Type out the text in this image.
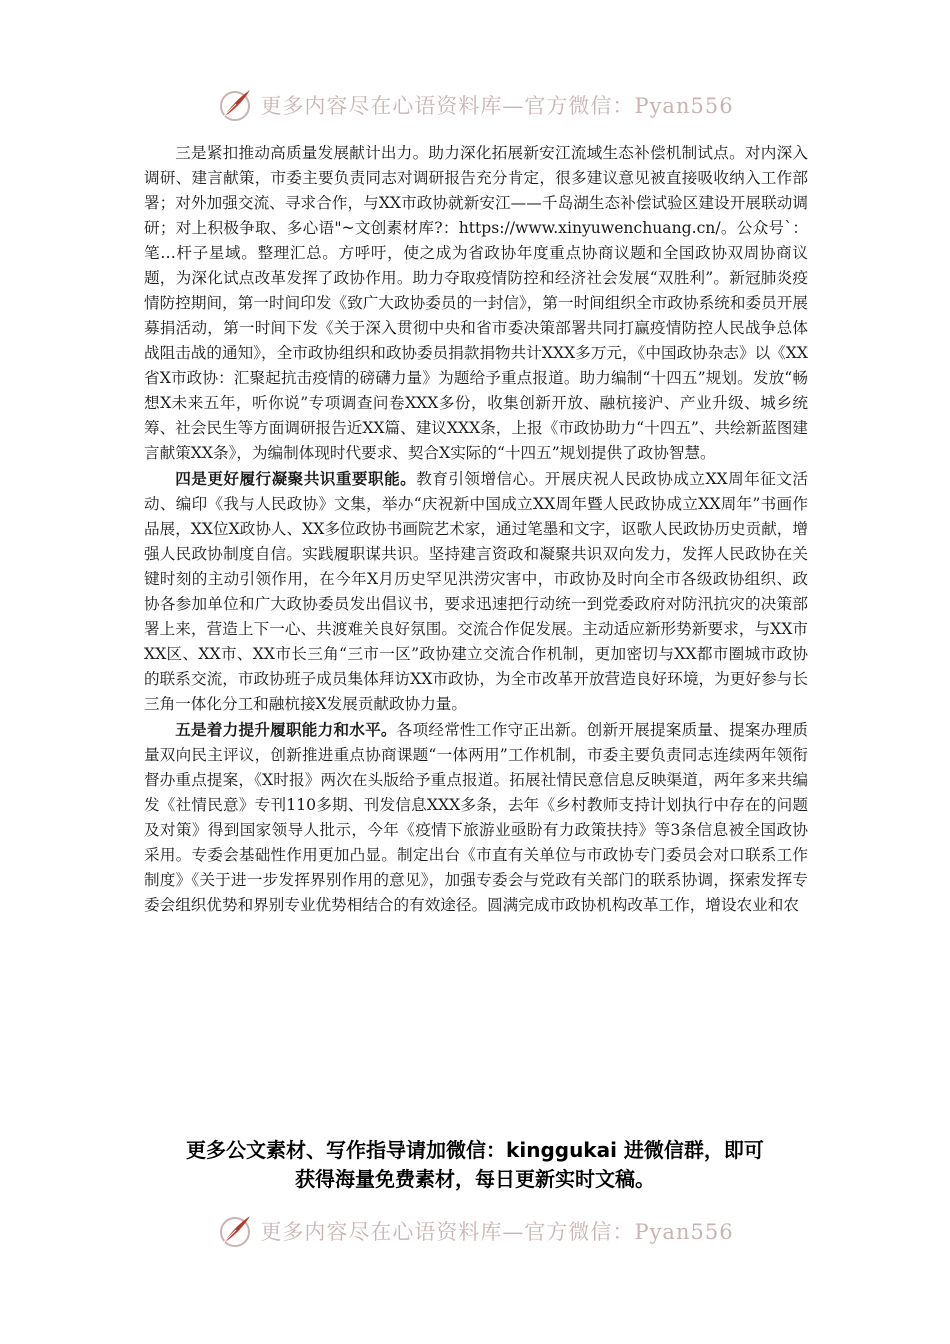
更多内容尽在心语资料库—官方微信：Pyan556

三是紧扣推动高质量发展献计出力。助力深化拓展新安江流域生态补偿机制试点。对内深入调研、建言献策，市委主要负责同志对调研报告充分肯定，很多建议意见被直接吸收纳入工作部署；对外加强交流、寻求合作，与XX市政协就新安江——千岛湖生态补偿试验区建设开展联动调研；对上积极争取、多心语"~文创素材库?：https://www.xinyuwenchuang.cn/。公众号`：笔…杆子星域。整理汇总。方呼吁，使之成为省政协年度重点协商议题和全国政协双周协商议题，为深化试点改革发挥了政协作用。助力夺取疫情防控和经济社会发展“双胜利”。新冠肺炎疫情防控期间，第一时间印发《致广大政协委员的一封信》，第一时间组织全市政协系统和委员开展募捐活动，第一时间下发《关于深入贯彻中央和省市委决策部署共同打赢疫情防控人民战争总体战阻击战的通知》，全市政协组织和政协委员捐款捐物共计XXX多万元，《中国政协杂志》以《XX省X市政协：汇聚起抗击疫情的磅礴力量》为题给予重点报道。助力编制“十四五”规划。发放“畅想X未来五年，听你说”专项调查问卷XXX多份，收集创新开放、融杭接沪、产业升级、城乡统筹、社会民生等方面调研报告近XX篇、建议XXX条，上报《市政协助力“十四五”、共绘新蓝图建言献策XX条》，为编制体现时代要求、契合X实际的“十四五”规划提供了政协智慧。

四是更好履行凝聚共识重要职能。教育引领增信心。开展庆祝人民政协成立XX周年征文活动、编印《我与人民政协》文集，举办“庆祝新中国成立XX周年暨人民政协成立XX周年”书画作品展，XX位X政协人、XX多位政协书画院艺术家，通过笔墨和文字，讴歌人民政协历史贡献，增强人民政协制度自信。实践履职谋共识。坚持建言资政和凝聚共识双向发力，发挥人民政协在关键时刻的主动引领作用，在今年X月历史罕见洪涝灾害中，市政协及时向全市各级政协组织、政协各参加单位和广大政协委员发出倡议书，要求迅速把行动统一到党委政府对防汛抗灾的决策部署上来，营造上下一心、共渡难关良好氛围。交流合作促发展。主动适应新形势新要求，与XX市XX区、XX市、XX市长三角“三市一区”政协建立交流合作机制，更加密切与XX都市圈城市政协的联系交流，市政协班子成员集体拜访XX市政协，为全市改革开放营造良好环境，为更好参与长三角一体化分工和融杭接X发展贡献政协力量。

五是着力提升履职能力和水平。各项经常性工作守正出新。创新开展提案质量、提案办理质量双向民主评议，创新推进重点协商课题“一体两用”工作机制，市委主要负责同志连续两年领衔督办重点提案，《X时报》两次在头版给予重点报道。拓展社情民意信息反映渠道，两年多来共编发《社情民意》专刊110多期、刊发信息XXX多条，去年《乡村教师支持计划执行中存在的问题及对策》得到国家领导人批示，今年《疫情下旅游业亟盼有力政策扶持》等3条信息被全国政协采用。专委会基础性作用更加凸显。制定出台《市直有关单位与市政协专门委员会对口联系工作制度》《关于进一步发挥界别作用的意见》，加强专委会与党政有关部门的联系协调，探索发挥专委会组织优势和界别专业优势相结合的有效途径。圆满完成市政协机构改革工作，增设农业和农

更多公文素材、写作指导请加微信：kinggukai 进微信群，即可
获得海量免费素材，每日更新实时文稿。
更多内容尽在心语资料库—官方微信：Pyan556
